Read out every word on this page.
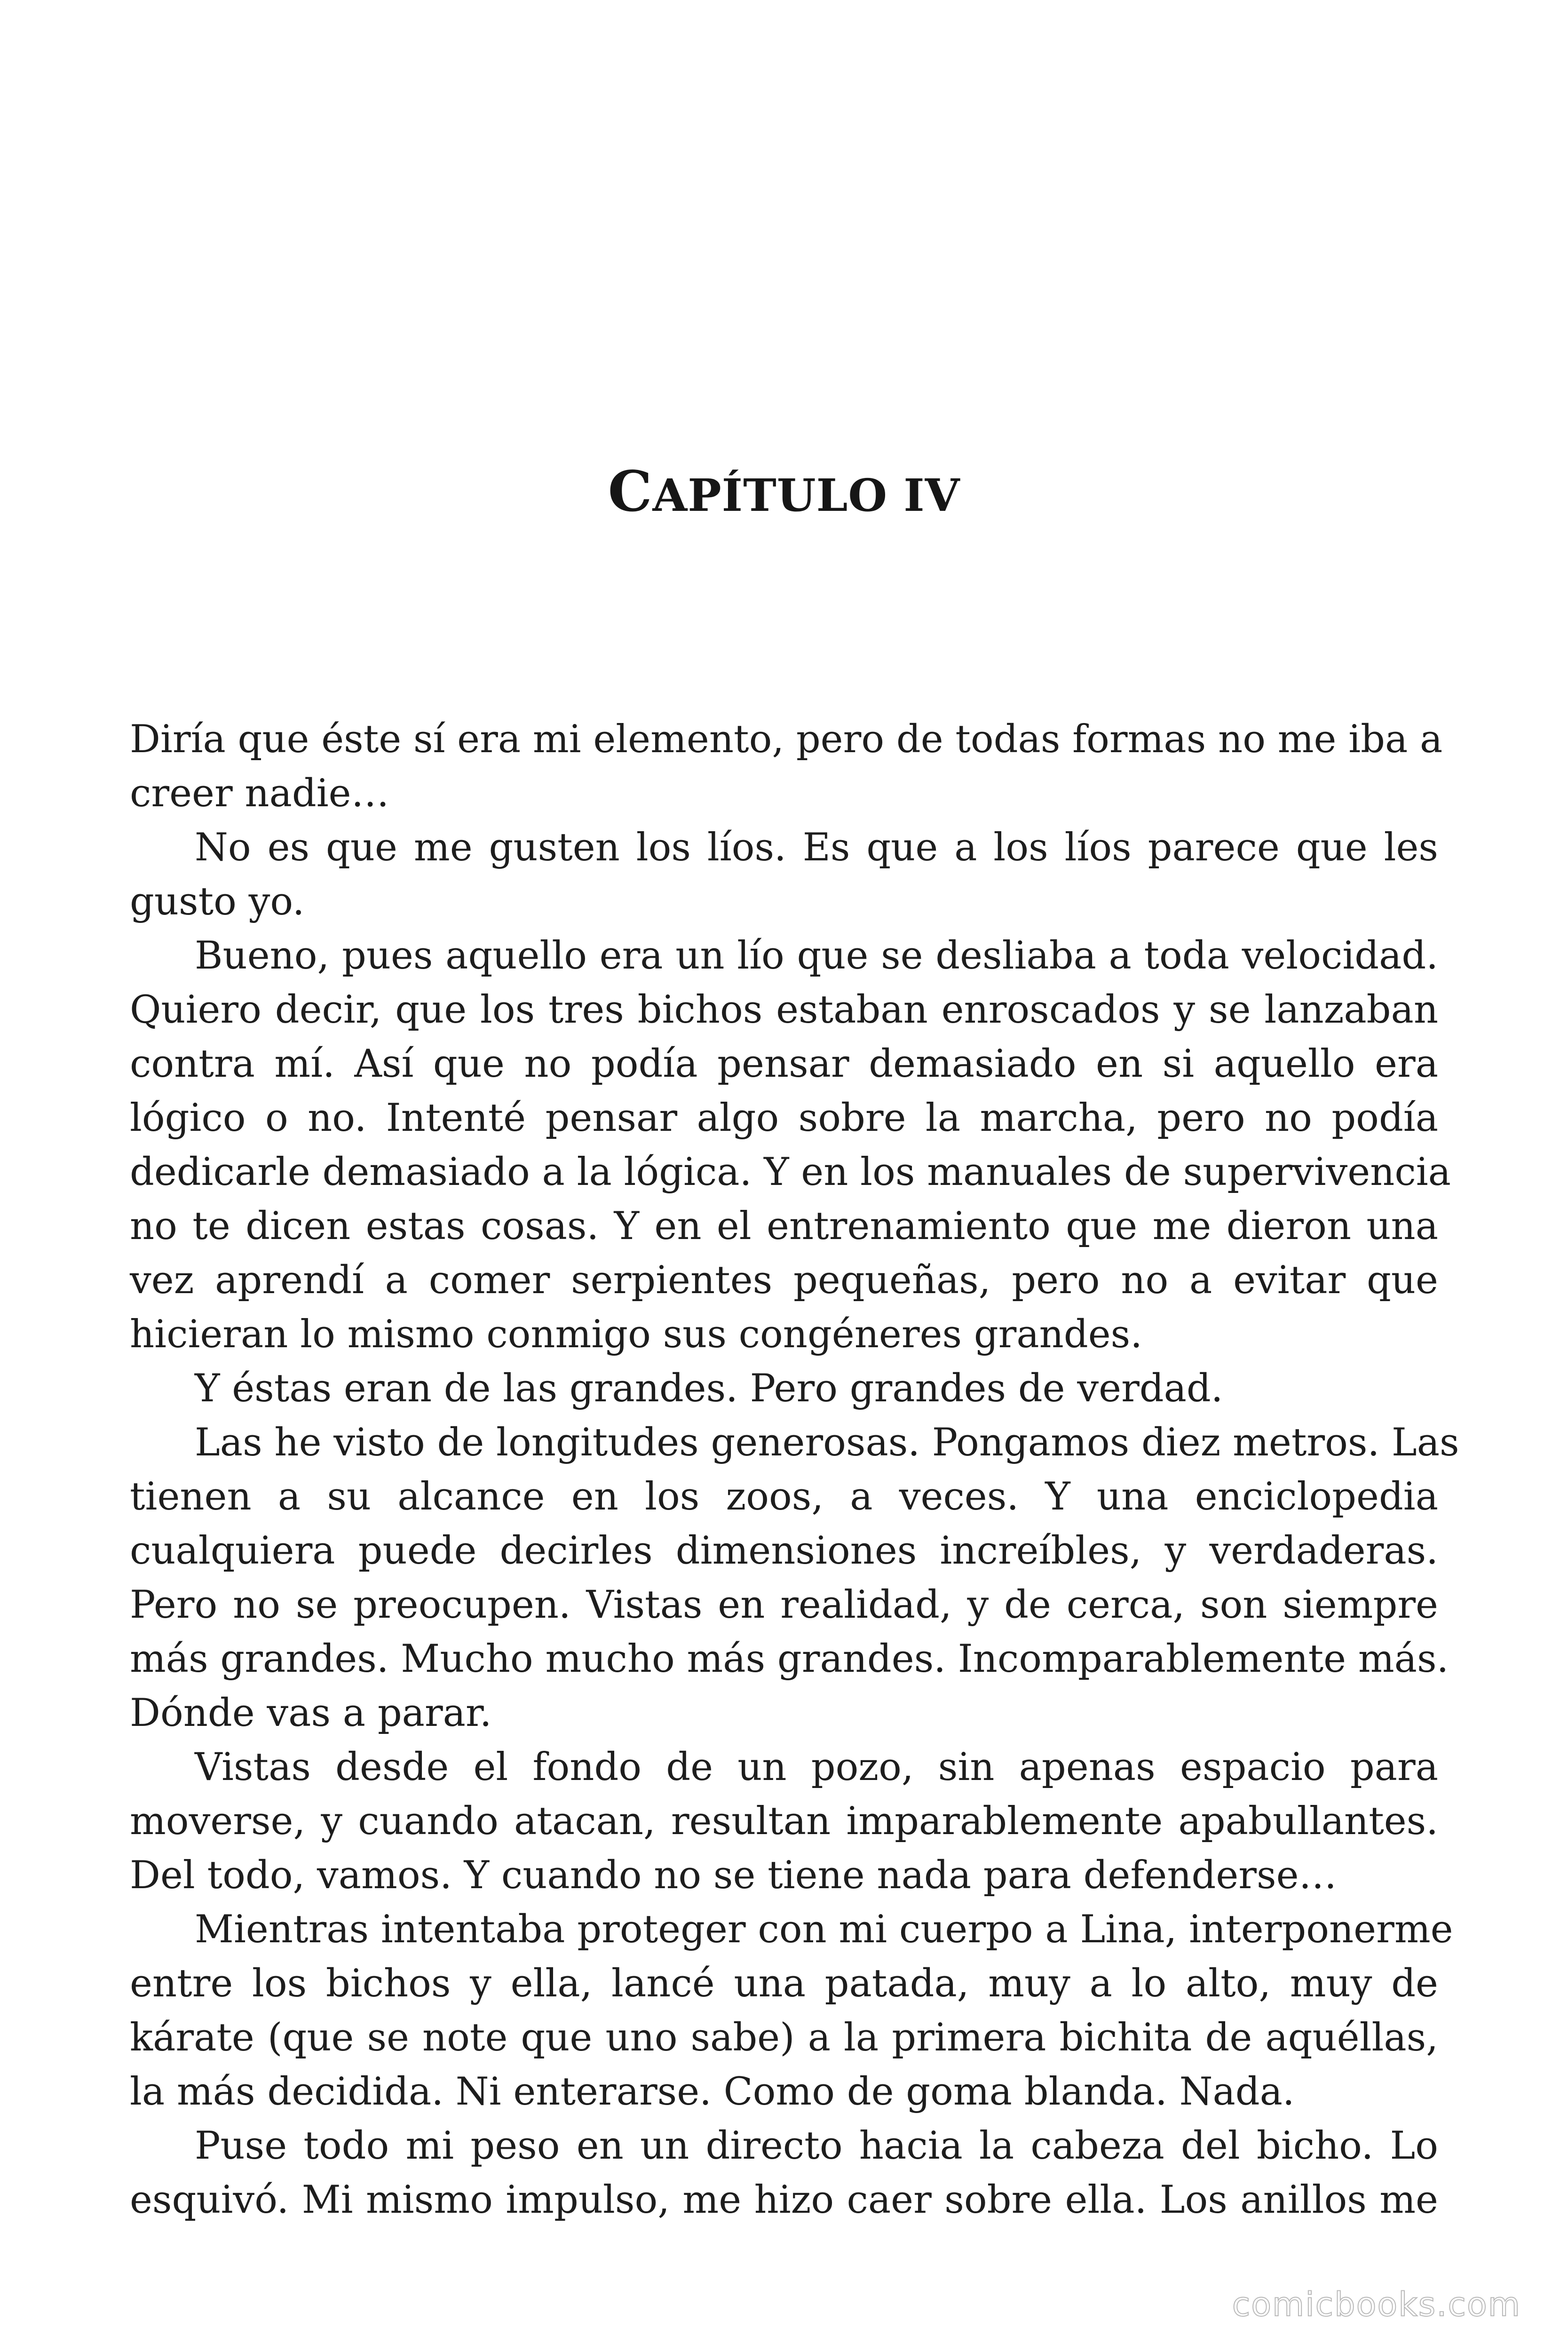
CAPÍTULO IV
Diría que éste sí era mi elemento, pero de todas formas no me iba a
creer nadie…
No es que me gusten los líos. Es que a los líos parece que les
gusto yo.
Bueno, pues aquello era un lío que se desliaba a toda velocidad.
Quiero decir, que los tres bichos estaban enroscados y se lanzaban
contra mí. Así que no podía pensar demasiado en si aquello era
lógico o no. Intenté pensar algo sobre la marcha, pero no podía
dedicarle demasiado a la lógica. Y en los manuales de supervivencia
no te dicen estas cosas. Y en el entrenamiento que me dieron una
vez aprendí a comer serpientes pequeñas, pero no a evitar que
hicieran lo mismo conmigo sus congéneres grandes.
Y éstas eran de las grandes. Pero grandes de verdad.
Las he visto de longitudes generosas. Pongamos diez metros. Las
tienen a su alcance en los zoos, a veces. Y una enciclopedia
cualquiera puede decirles dimensiones increíbles, y verdaderas.
Pero no se preocupen. Vistas en realidad, y de cerca, son siempre
más grandes. Mucho mucho más grandes. Incomparablemente más.
Dónde vas a parar.
Vistas desde el fondo de un pozo, sin apenas espacio para
moverse, y cuando atacan, resultan imparablemente apabullantes.
Del todo, vamos. Y cuando no se tiene nada para defenderse…
Mientras intentaba proteger con mi cuerpo a Lina, interponerme
entre los bichos y ella, lancé una patada, muy a lo alto, muy de
kárate (que se note que uno sabe) a la primera bichita de aquéllas,
la más decidida. Ni enterarse. Como de goma blanda. Nada.
Puse todo mi peso en un directo hacia la cabeza del bicho. Lo
esquivó. Mi mismo impulso, me hizo caer sobre ella. Los anillos me
comicbooks.com
